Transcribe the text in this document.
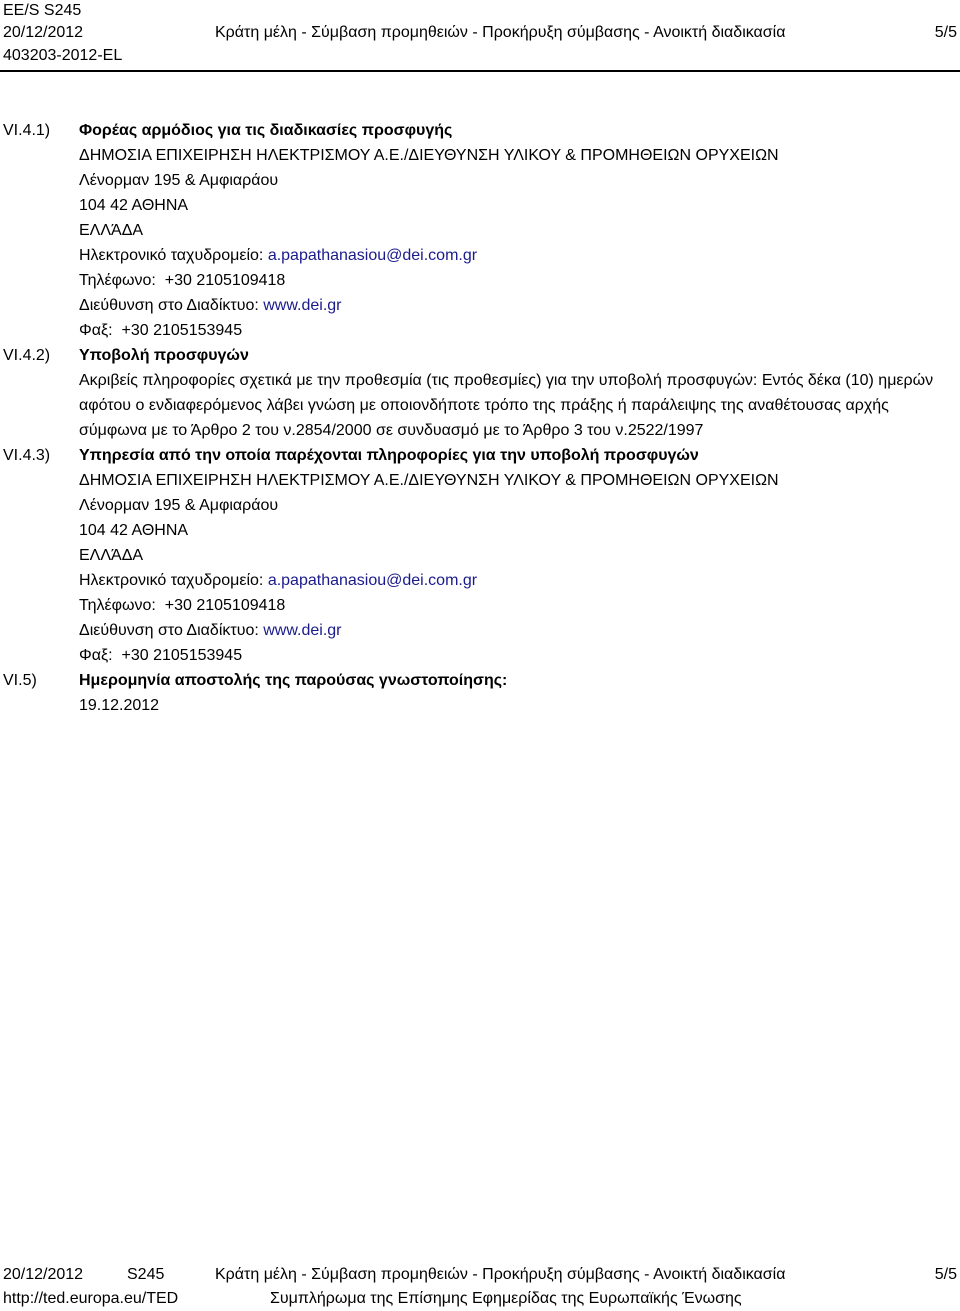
EE/S S245
20/12/2012	Κράτη μέλη - Σύμβαση προμηθειών - Προκήρυξη σύμβασης - Ανοικτή διαδικασία	5/5
403203-2012-EL
VI.4.1) Φορέας αρμόδιος για τις διαδικασίες προσφυγής
ΔΗΜΟΣΙΑ ΕΠΙΧΕΙΡΗΣΗ ΗΛΕΚΤΡΙΣΜΟΥ Α.Ε./ΔΙΕΥΘΥΝΣΗ ΥΛΙΚΟΥ & ΠΡΟΜΗΘΕΙΩΝ ΟΡΥΧΕΙΩΝ
Λένορμαν 195 & Αμφιαράου
104 42 ΑΘΗΝΑ
ΕΛΛΆΔΑ
Ηλεκτρονικό ταχυδρομείο: a.papathanasiou@dei.com.gr
Τηλέφωνο: +30 2105109418
Διεύθυνση στο Διαδίκτυο: www.dei.gr
Φαξ: +30 2105153945
VI.4.2) Υποβολή προσφυγών
Ακριβείς πληροφορίες σχετικά με την προθεσμία (τις προθεσμίες) για την υποβολή προσφυγών: Εντός δέκα (10) ημερών αφότου ο ενδιαφερόμενος λάβει γνώση με οποιονδήποτε τρόπο της πράξης ή παράλειψης της αναθέτουσας αρχής σύμφωνα με το Άρθρο 2 του ν.2854/2000 σε συνδυασμό με το Άρθρο 3 του ν.2522/1997
VI.4.3) Υπηρεσία από την οποία παρέχονται πληροφορίες για την υποβολή προσφυγών
ΔΗΜΟΣΙΑ ΕΠΙΧΕΙΡΗΣΗ ΗΛΕΚΤΡΙΣΜΟΥ Α.Ε./ΔΙΕΥΘΥΝΣΗ ΥΛΙΚΟΥ & ΠΡΟΜΗΘΕΙΩΝ ΟΡΥΧΕΙΩΝ
Λένορμαν 195 & Αμφιαράου
104 42 ΑΘΗΝΑ
ΕΛΛΆΔΑ
Ηλεκτρονικό ταχυδρομείο: a.papathanasiou@dei.com.gr
Τηλέφωνο: +30 2105109418
Διεύθυνση στο Διαδίκτυο: www.dei.gr
Φαξ: +30 2105153945
VI.5)	Ημερομηνία αποστολής της παρούσας γνωστοποίησης:
19.12.2012
20/12/2012	S245	Κράτη μέλη - Σύμβαση προμηθειών - Προκήρυξη σύμβασης - Ανοικτή διαδικασία	5/5
http://ted.europa.eu/TED	Συμπλήρωμα της Επίσημης Εφημερίδας της Ευρωπαϊκής Ένωσης
